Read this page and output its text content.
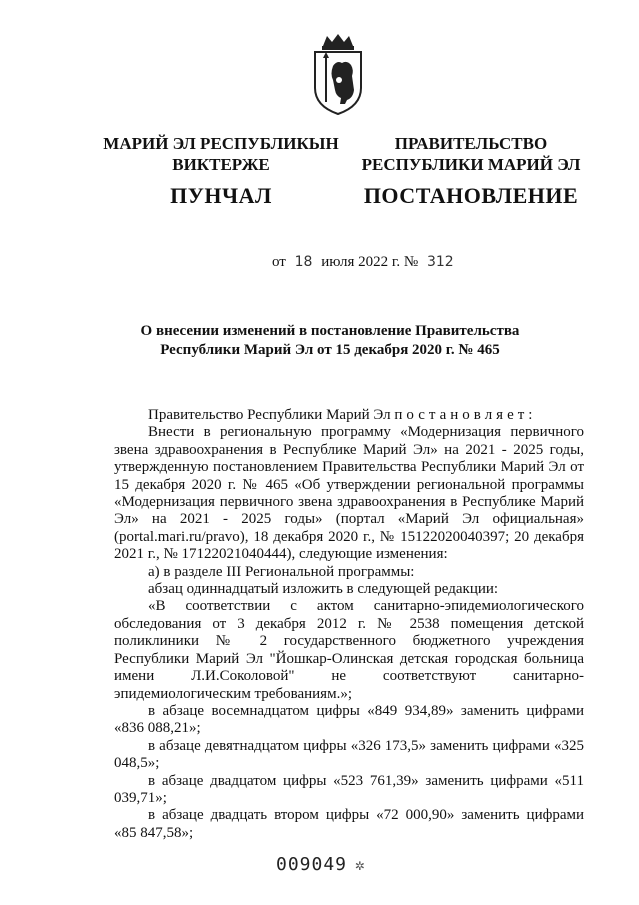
МАРИЙ ЭЛ РЕСПУБЛИКЫН
ВИКТЕРЖЕ
ПУНЧАЛ
ПРАВИТЕЛЬСТВО
РЕСПУБЛИКИ МАРИЙ ЭЛ
ПОСТАНОВЛЕНИЕ
от 18 июля 2022 г. № 312
О внесении изменений в постановление Правительства
Республики Марий Эл от 15 декабря 2020 г. № 465

Правительство Республики Марий Эл постановляет:

Внести в региональную программу «Модернизация первичного звена здравоохранения в Республике Марий Эл» на 2021 - 2025 годы, утвержденную постановлением Правительства Республики Марий Эл от 15 декабря 2020 г. № 465 «Об утверждении региональной программы «Модернизация первичного звена здравоохранения в Республике Марий Эл» на 2021 - 2025 годы» (портал «Марий Эл официальная» (portal.mari.ru/pravo), 18 декабря 2020 г., № 15122020040397; 20 декабря 2021 г., № 17122021040444), следующие изменения:

а) в разделе III Региональной программы:

абзац одиннадцатый изложить в следующей редакции:

«В соответствии с актом санитарно-эпидемиологического обследования от 3 декабря 2012 г. № 2538 помещения детской поликлиники № 2 государственного бюджетного учреждения Республики Марий Эл "Йошкар-Олинская детская городская больница имени Л.И.Соколовой" не соответствуют санитарно-эпидемиологическим требованиям.»;

в абзаце восемнадцатом цифры «849 934,89» заменить цифрами «836 088,21»;

в абзаце девятнадцатом цифры «326 173,5» заменить цифрами «325 048,5»;

в абзаце двадцатом цифры «523 761,39» заменить цифрами «511 039,71»;

в абзаце двадцать втором цифры «72 000,90» заменить цифрами «85 847,58»;

009049 ✲
